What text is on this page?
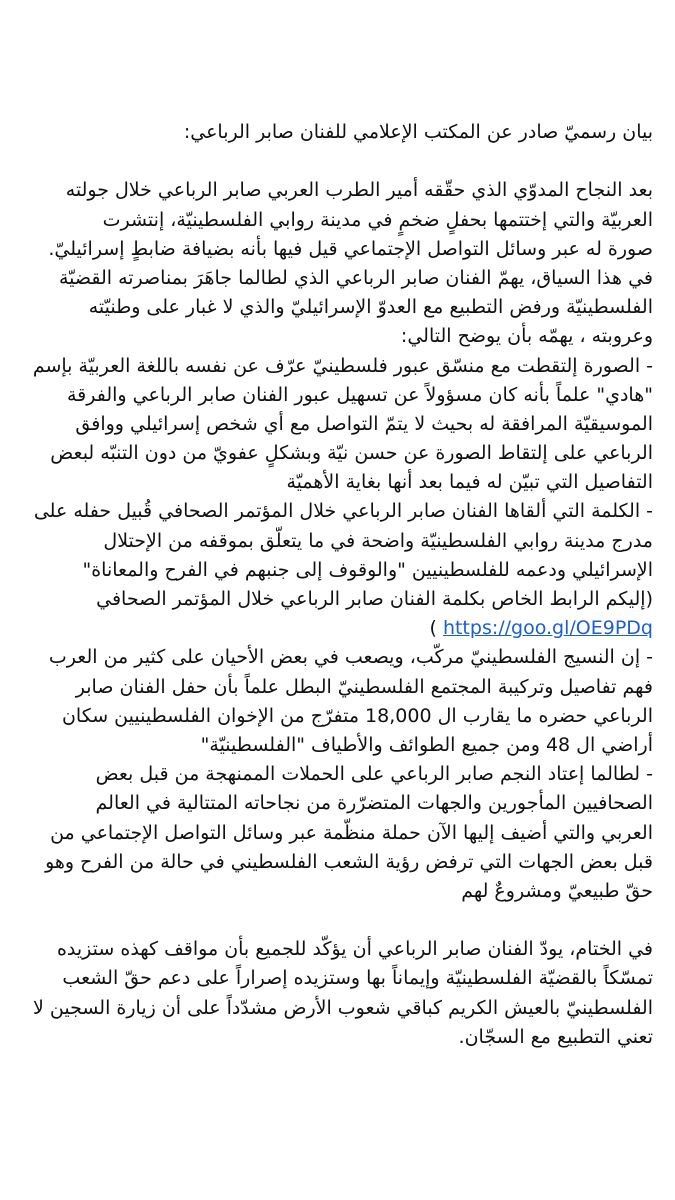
بيان رسميّ صادر عن المكتب الإعلامي للفنان صابر الرباعي:
بعد النجاح المدوّي الذي حقّقه أمير الطرب العربي صابر الرباعي خلال جولته
العربيّة والتي إختتمها بحفلٍ ضخمٍ في مدينة روابي الفلسطينيّة، إنتشرت
صورة له عبر وسائل التواصل الإجتماعي قيل فيها بأنه بضيافة ضابطٍ إسرائيليّ.
في هذا السياق، يهمّ الفنان صابر الرباعي الذي لطالما جاهَرَ بمناصرته القضيّة
الفلسطينيّة ورفض التطبيع مع العدوّ الإسرائيليّ والذي لا غبار على وطنيّته
وعروبته ، يهمّه بأن يوضح التالي:
- الصورة إلتقطت مع منسّق عبور فلسطينيّ عرّف عن نفسه باللغة العربيّة بإسم
"هادي" علماً بأنه كان مسؤولاً عن تسهيل عبور الفنان صابر الرباعي والفرقة
الموسيقيّة المرافقة له بحيث لا يتمّ التواصل مع أي شخص إسرائيلي ووافق
الرباعي على إلتقاط الصورة عن حسن نيّة وبشكلٍ عفويّ من دون التنبّه لبعض
التفاصيل التي تبيّن له فيما بعد أنها بغاية الأهميّة
- الكلمة التي ألقاها الفنان صابر الرباعي خلال المؤتمر الصحافي قُبيل حفله على
مدرج مدينة روابي الفلسطينيّة واضحة في ما يتعلّق بموقفه من الإحتلال
الإسرائيلي ودعمه للفلسطينيين "والوقوف إلى جنبهم في الفرح والمعاناة"
(إليكم الرابط الخاص بكلمة الفنان صابر الرباعي خلال المؤتمر الصحافي
https://goo.gl/OE9PDq )
- إن النسيج الفلسطينيّ مركّب، ويصعب في بعض الأحيان على كثير من العرب
فهم تفاصيل وتركيبة المجتمع الفلسطينيّ البطل علماً بأن حفل الفنان صابر
الرباعي حضره ما يقارب ال 18,000 متفرّج من الإخوان الفلسطينيين سكان
أراضي ال 48 ومن جميع الطوائف والأطياف "الفلسطينيّة"
- لطالما إعتاد النجم صابر الرباعي على الحملات الممنهجة من قبل بعض
الصحافيين المأجورين والجهات المتضرّرة من نجاحاته المتتالية في العالم
العربي والتي أضيف إليها الآن حملة منظّمة عبر وسائل التواصل الإجتماعي من
قبل بعض الجهات التي ترفض رؤية الشعب الفلسطيني في حالة من الفرح وهو
حقّ طبيعيّ ومشروعٌ لهم
في الختام، يودّ الفنان صابر الرباعي أن يؤكّد للجميع بأن مواقف كهذه ستزيده
تمسّكاً بالقضيّة الفلسطينيّة وإيماناً بها وستزيده إصراراً على دعم حقّ الشعب
الفلسطينيّ بالعيش الكريم كباقي شعوب الأرض مشدّداً على أن زيارة السجين لا
تعني التطبيع مع السجّان.
